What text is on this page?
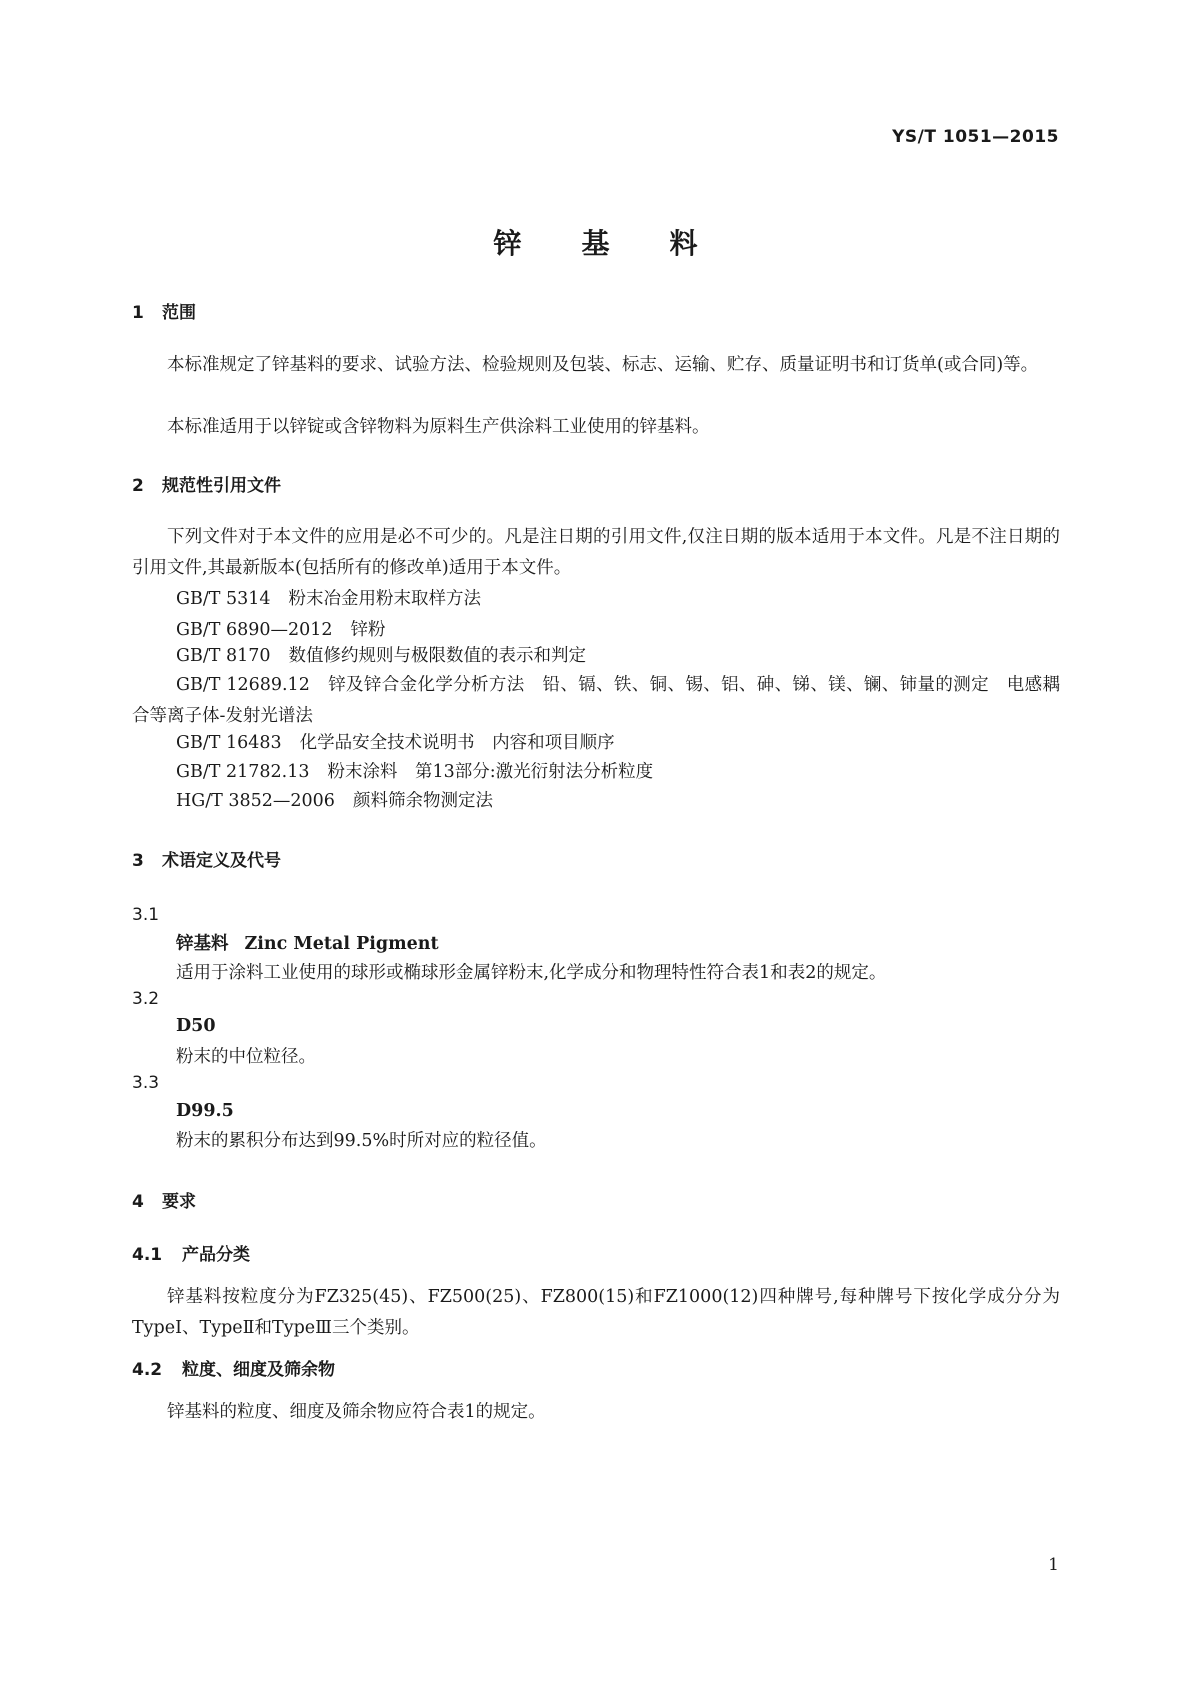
YS/T 1051—2015
锌基料
1 范围
本标准规定了锌基料的要求、试验方法、检验规则及包装、标志、运输、贮存、质量证明书和订货单(或合同)等。
本标准适用于以锌锭或含锌物料为原料生产供涂料工业使用的锌基料。
2 规范性引用文件
下列文件对于本文件的应用是必不可少的。凡是注日期的引用文件,仅注日期的版本适用于本文件。凡是不注日期的引用文件,其最新版本(包括所有的修改单)适用于本文件。
GB/T 5314 粉末冶金用粉末取样方法
GB/T 6890—2012 锌粉
GB/T 8170 数值修约规则与极限数值的表示和判定
GB/T 12689.12 锌及锌合金化学分析方法　铅、镉、铁、铜、锡、铝、砷、锑、镁、镧、铈量的测定　电感耦合等离子体-发射光谱法
GB/T 16483 化学品安全技术说明书　内容和项目顺序
GB/T 21782.13 粉末涂料　第13部分:激光衍射法分析粒度
HG/T 3852—2006 颜料筛余物测定法
3 术语定义及代号
3.1
锌基料 Zinc Metal Pigment
适用于涂料工业使用的球形或椭球形金属锌粉末,化学成分和物理特性符合表1和表2的规定。
3.2
D50
粉末的中位粒径。
3.3
D99.5
粉末的累积分布达到99.5%时所对应的粒径值。
4 要求
4.1 产品分类
锌基料按粒度分为FZ325(45)、FZ500(25)、FZ800(15)和FZ1000(12)四种牌号,每种牌号下按化学成分分为TypeⅠ、TypeⅡ和TypeⅢ三个类别。
4.2 粒度、细度及筛余物
锌基料的粒度、细度及筛余物应符合表1的规定。
1
